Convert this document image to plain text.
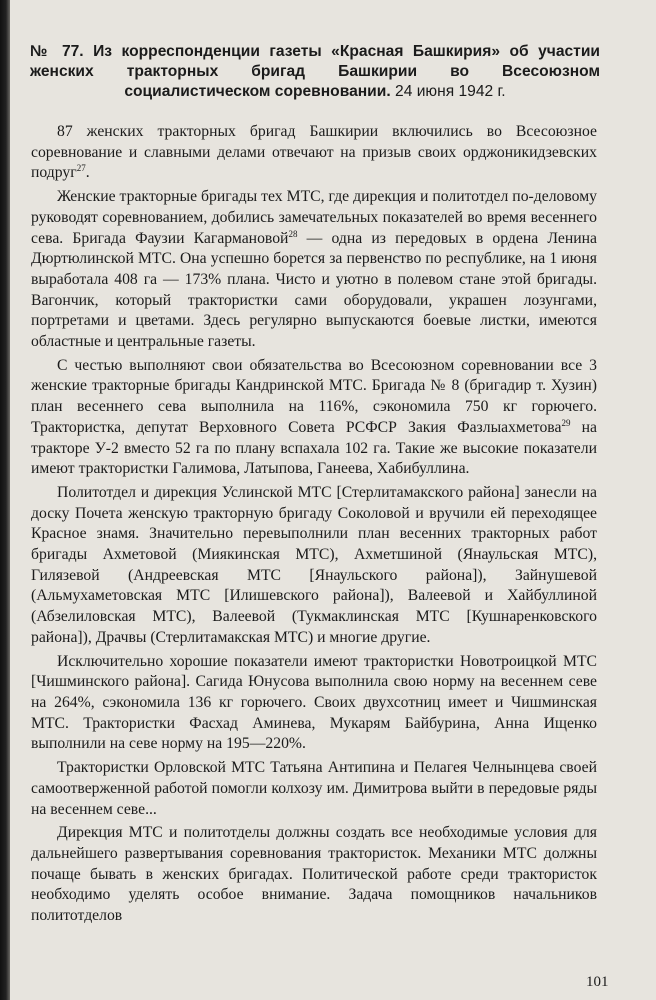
№ 77. Из корреспонденции газеты «Красная Башкирия» об участии женских тракторных бригад Башкирии во Всесоюзном социалистическом соревновании. 24 июня 1942 г.

87 женских тракторных бригад Башкирии включились во Всесоюзное соревнование и славными делами отвечают на призыв своих орджоникидзевских подруг$^{27}$.

Женские тракторные бригады тех МТС, где дирекция и политотдел по-деловому руководят соревнованием, добились замечательных показателей во время весеннего сева. Бригада Фаузии Кагармановой$^{28}$ — одна из передовых в ордена Ленина Дюртюлинской МТС. Она успешно борется за первенство по республике, на 1 июня выработала 408 га — 173% плана. Чисто и уютно в полевом стане этой бригады. Вагончик, который трактористки сами оборудовали, украшен лозунгами, портретами и цветами. Здесь регулярно выпускаются боевые листки, имеются областные и центральные газеты.

С честью выполняют свои обязательства во Всесоюзном соревновании все 3 женские тракторные бригады Кандринской МТС. Бригада № 8 (бригадир т. Хузин) план весеннего сева выполнила на 116%, сэкономила 750 кг горючего. Трактористка, депутат Верховного Совета РСФСР Закия Фазлыахметова$^{29}$ на тракторе У-2 вместо 52 га по плану вспахала 102 га. Такие же высокие показатели имеют трактористки Галимова, Латыпова, Ганеева, Хабибуллина.

Политотдел и дирекция Услинской МТС [Стерлитамакского района] занесли на доску Почета женскую тракторную бригаду Соколовой и вручили ей переходящее Красное знамя. Значительно перевыполнили план весенних тракторных работ бригады Ахметовой (Миякинская МТС), Ахметшиной (Янаульская МТС), Гилязевой (Андреевская МТС [Янаульского района]), Зайнушевой (Альмухаметовская МТС [Илишевского района]), Валеевой и Хайбуллиной (Абзелиловская МТС), Валеевой (Тукмаклинская МТС [Кушнаренковского района]), Драчвы (Стерлитамакская МТС) и многие другие.

Исключительно хорошие показатели имеют трактористки Новотроицкой МТС [Чишминского района]. Сагида Юнусова выполнила свою норму на весеннем севе на 264%, сэкономила 136 кг горючего. Своих двухсотниц имеет и Чишминская МТС. Трактористки Фасхад Аминева, Мукарям Байбурина, Анна Ищенко выполнили на севе норму на 195—220%.

Трактористки Орловской МТС Татьяна Антипина и Пелагея Челнынцева своей самоотверженной работой помогли колхозу им. Димитрова выйти в передовые ряды на весеннем севе...

Дирекция МТС и политотделы должны создать все необходимые условия для дальнейшего развертывания соревнования трактористок. Механики МТС должны почаще бывать в женских бригадах. Политической работе среди трактористок необходимо уделять особое внимание. Задача помощников начальников политотделов

101
